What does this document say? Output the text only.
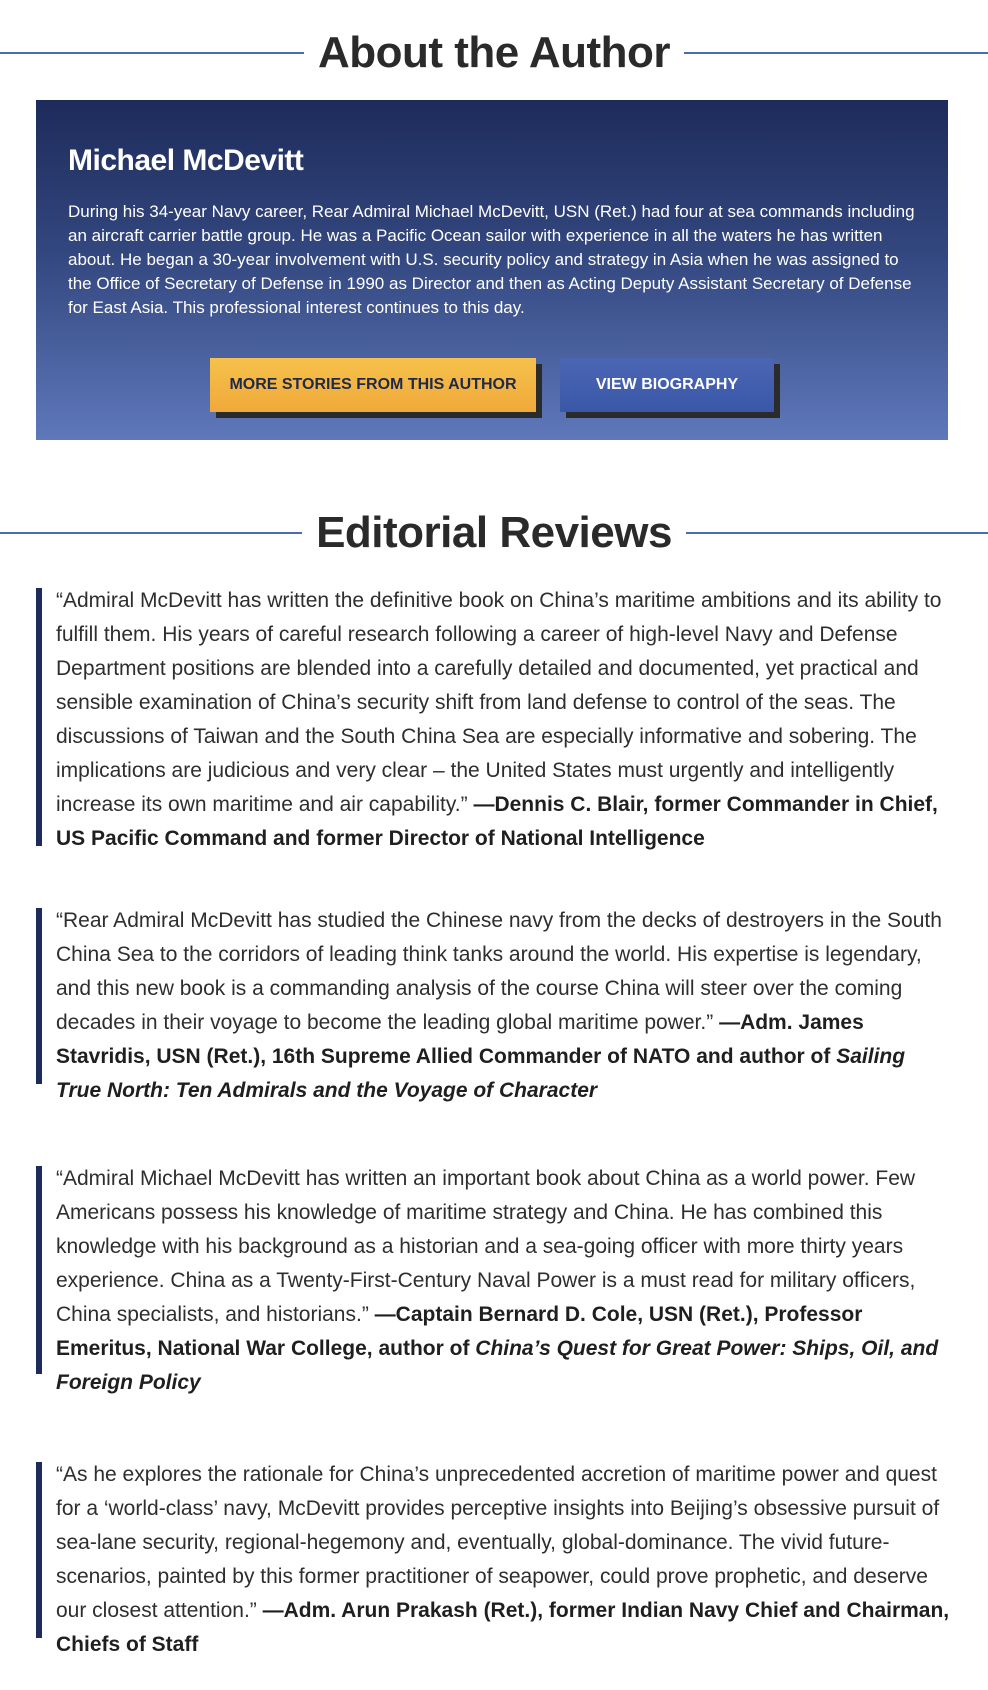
About the Author
Michael McDevitt

During his 34-year Navy career, Rear Admiral Michael McDevitt, USN (Ret.) had four at sea commands including an aircraft carrier battle group. He was a Pacific Ocean sailor with experience in all the waters he has written about. He began a 30-year involvement with U.S. security policy and strategy in Asia when he was assigned to the Office of Secretary of Defense in 1990 as Director and then as Acting Deputy Assistant Secretary of Defense for East Asia. This professional interest continues to this day.

MORE STORIES FROM THIS AUTHOR	VIEW BIOGRAPHY
Editorial Reviews
“Admiral McDevitt has written the definitive book on China’s maritime ambitions and its ability to fulfill them. His years of careful research following a career of high-level Navy and Defense Department positions are blended into a carefully detailed and documented, yet practical and sensible examination of China’s security shift from land defense to control of the seas. The discussions of Taiwan and the South China Sea are especially informative and sobering. The implications are judicious and very clear – the United States must urgently and intelligently increase its own maritime and air capability.” —Dennis C. Blair, former Commander in Chief, US Pacific Command and former Director of National Intelligence
“Rear Admiral McDevitt has studied the Chinese navy from the decks of destroyers in the South China Sea to the corridors of leading think tanks around the world. His expertise is legendary, and this new book is a commanding analysis of the course China will steer over the coming decades in their voyage to become the leading global maritime power.” —Adm. James Stavridis, USN (Ret.), 16th Supreme Allied Commander of NATO and author of Sailing True North: Ten Admirals and the Voyage of Character
“Admiral Michael McDevitt has written an important book about China as a world power. Few Americans possess his knowledge of maritime strategy and China. He has combined this knowledge with his background as a historian and a sea-going officer with more thirty years experience. China as a Twenty-First-Century Naval Power is a must read for military officers, China specialists, and historians.” —Captain Bernard D. Cole, USN (Ret.), Professor Emeritus, National War College, author of China’s Quest for Great Power: Ships, Oil, and Foreign Policy
“As he explores the rationale for China’s unprecedented accretion of maritime power and quest for a ‘world-class’ navy, McDevitt provides perceptive insights into Beijing’s obsessive pursuit of sea-lane security, regional-hegemony and, eventually, global-dominance. The vivid future-scenarios, painted by this former practitioner of seapower, could prove prophetic, and deserve our closest attention.” —Adm. Arun Prakash (Ret.), former Indian Navy Chief and Chairman, Chiefs of Staff
